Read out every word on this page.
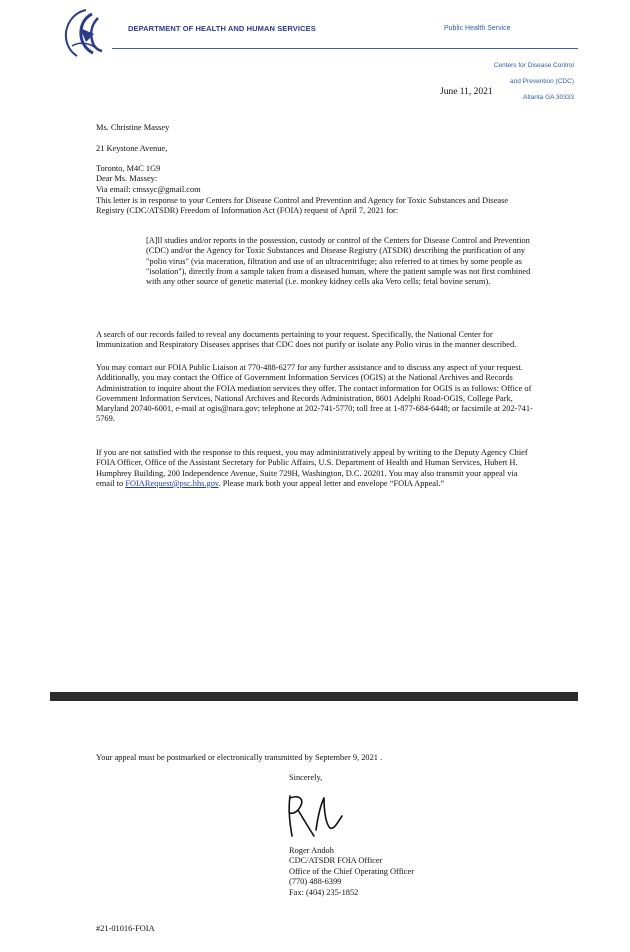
DEPARTMENT OF HEALTH AND HUMAN SERVICES	Public Health Service

Centers for Disease Control

and Prevention (CDC)

Atlanta GA 30333

June 11, 2021

Ms. Christine Massey

21 Keystone Avenue,

Toronto, M4C 1G9

Via email: cmssyc@gmail.com

Dear Ms. Massey:
This letter is in response to your Centers for Disease Control and Prevention and Agency for Toxic Substances and Disease Registry (CDC/ATSDR) Freedom of Information Act (FOIA) request of April 7, 2021 for:
[A]ll studies and/or reports in the possession, custody or control of the Centers for Disease Control and Prevention (CDC) and/or the Agency for Toxic Substances and Disease Registry (ATSDR) describing the purification of any "polio virus" (via maceration, filtration and use of an ultracentrifuge; also referred to at times by some people as "isolation"), directly from a sample taken from a diseased human, where the patient sample was not first combined with any other source of genetic material (i.e. monkey kidney cells aka Vero cells; fetal bovine serum).
A search of our records failed to reveal any documents pertaining to your request. Specifically, the National Center for Immunization and Respiratory Diseases apprises that CDC does not purify or isolate any Polio virus in the manner described.
You may contact our FOIA Public Liaison at 770-488-6277 for any further assistance and to discuss any aspect of your request. Additionally, you may contact the Office of Government Information Services (OGIS) at the National Archives and Records Administration to inquire about the FOIA mediation services they offer. The contact information for OGIS is as follows: Office of Government Information Services, National Archives and Records Administration, 8601 Adelphi Road-OGIS, College Park, Maryland 20740-6001, e-mail at ogis@nara.gov; telephone at 202-741-5770; toll free at 1-877-684-6448; or facsimile at 202-741-5769.
If you are not satisfied with the response to this request, you may administratively appeal by writing to the Deputy Agency Chief FOIA Officer, Office of the Assistant Secretary for Public Affairs, U.S. Department of Health and Human Services, Hubert H. Humphrey Building, 200 Independence Avenue, Suite 729H, Washington, D.C. 20201. You may also transmit your appeal via email to FOIARequest@psc.hhs.gov. Please mark both your appeal letter and envelope “FOIA Appeal.”
Your appeal must be postmarked or electronically transmitted by September 9, 2021 .
Sincerely,
Roger Andoh
CDC/ATSDR FOIA Officer
Office of the Chief Operating Officer
(770) 488-6399
Fax: (404) 235-1852
#21-01016-FOIA
